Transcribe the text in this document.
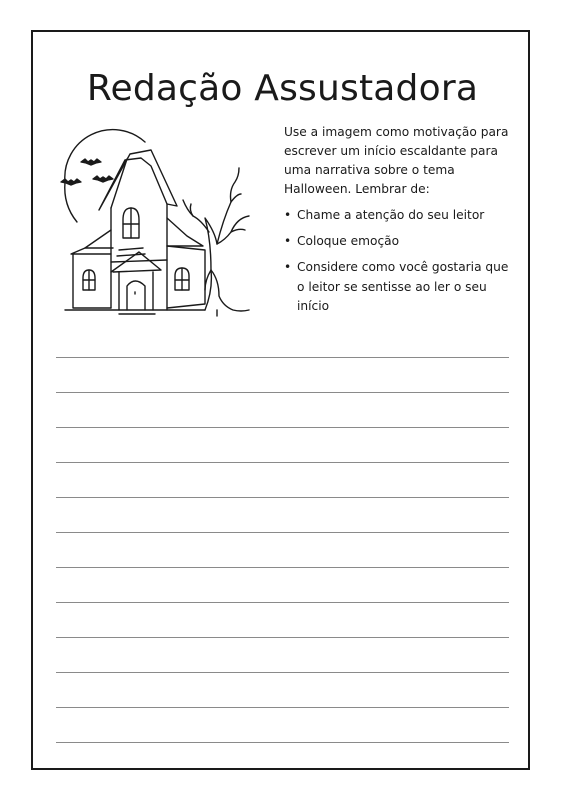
Redação Assustadora

Use a imagem como motivação para escrever um início escaldante para uma narrativa sobre o tema Halloween. Lembrar de:

• Chame a atenção do seu leitor
• Coloque emoção
• Considere como você gostaria que o leitor se sentisse ao ler o seu início
